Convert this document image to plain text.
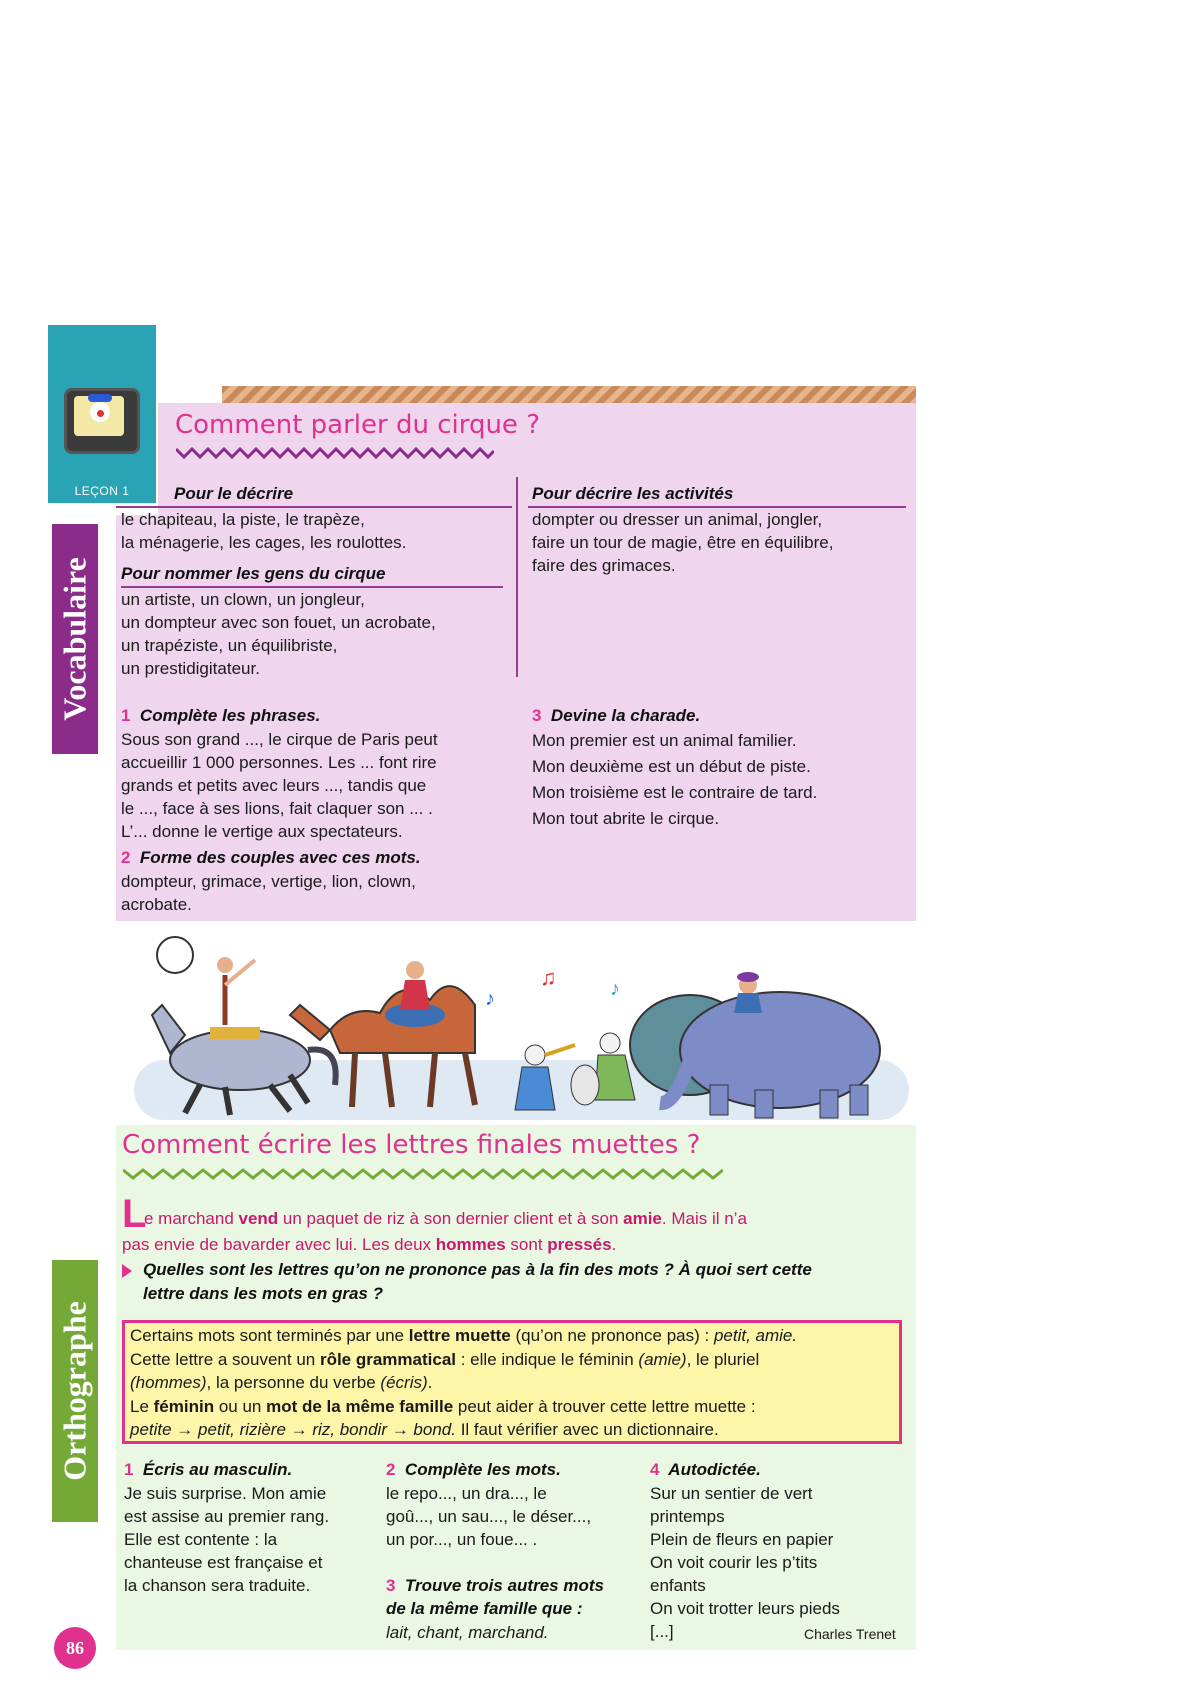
LEÇON 1
Comment parler du cirque ?
Vocabulaire
Pour le décrire
le chapiteau, la piste, le trapèze,
la ménagerie, les cages, les roulottes.
Pour nommer les gens du cirque
un artiste, un clown, un jongleur,
un dompteur avec son fouet, un acrobate,
un trapéziste, un équilibriste,
un prestidigitateur.
Pour décrire les activités
dompter ou dresser un animal, jongler,
faire un tour de magie, être en équilibre,
faire des grimaces.
1 Complète les phrases.
Sous son grand ..., le cirque de Paris peut
accueillir 1 000 personnes. Les ... font rire
grands et petits avec leurs ..., tandis que
le ..., face à ses lions, fait claquer son ... .
L’... donne le vertige aux spectateurs.
2 Forme des couples avec ces mots.
dompteur, grimace, vertige, lion, clown,
acrobate.
3 Devine la charade.
Mon premier est un animal familier.
Mon deuxième est un début de piste.
Mon troisième est le contraire de tard.
Mon tout abrite le cirque.
♪
♫	♪
Comment écrire les lettres finales muettes ?
Orthographe
L
e marchand vend un paquet de riz à son dernier client et à son amie. Mais il n’a
pas envie de bavarder avec lui. Les deux hommes sont pressés.
Quelles sont les lettres qu’on ne prononce pas à la fin des mots ? À quoi sert cette
lettre dans les mots en gras ?
Certains mots sont terminés par une lettre muette (qu’on ne prononce pas) : petit, amie.
Cette lettre a souvent un rôle grammatical : elle indique le féminin (amie), le pluriel
(hommes), la personne du verbe (écris).
Le féminin ou un mot de la même famille peut aider à trouver cette lettre muette :
petite → petit, rizière → riz, bondir → bond. Il faut vérifier avec un dictionnaire.
1 Écris au masculin.
Je suis surprise. Mon amie
est assise au premier rang.
Elle est contente : la
chanteuse est française et
la chanson sera traduite.
2 Complète les mots.
le repo..., un dra..., le
goû..., un sau..., le déser...,
un por..., un foue... .
3 Trouve trois autres mots
de la même famille que :
lait, chant, marchand.
4 Autodictée.
Sur un sentier de vert
printemps
Plein de fleurs en papier
On voit courir les p’tits
enfants
On voit trotter leurs pieds
[...]	Charles Trenet
86
